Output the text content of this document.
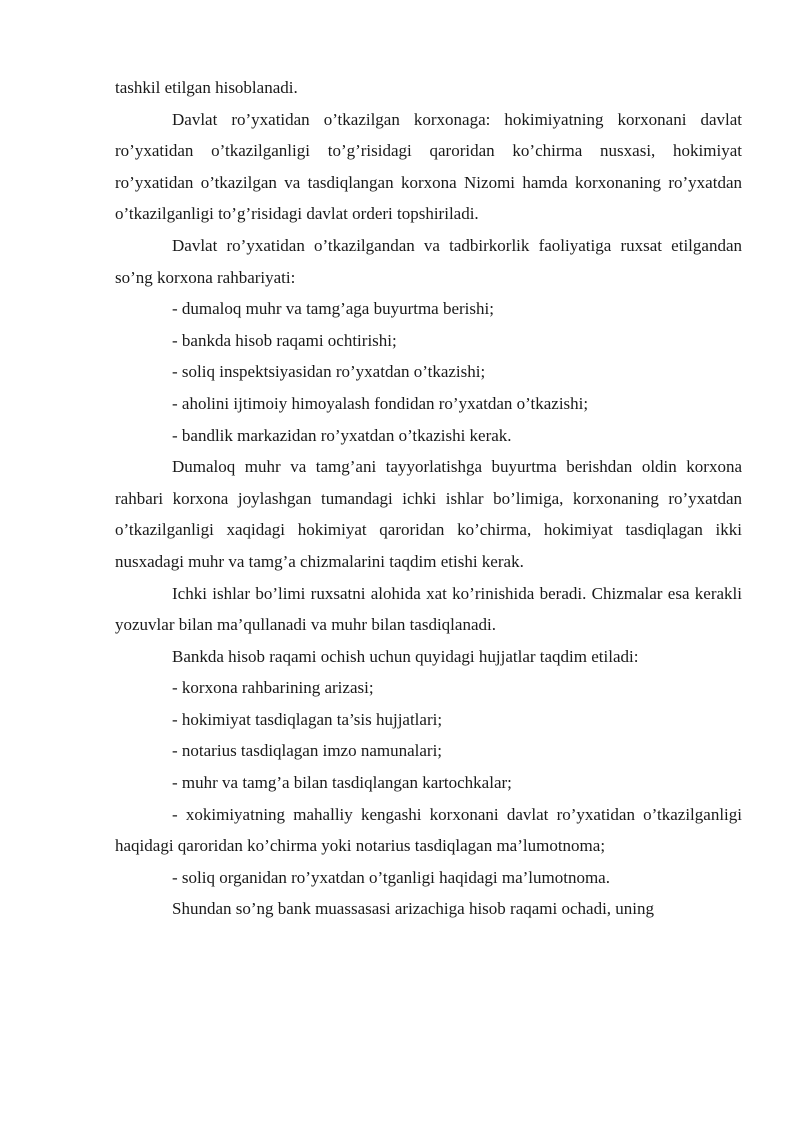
tashkil etilgan hisoblanadi.

Davlat ro’yxatidan o’tkazilgan korxonaga: hokimiyatning korxonani davlat ro’yxatidan o’tkazilganligi to’g’risidagi qaroridan ko’chirma nusxasi, hokimiyat ro’yxatidan o’tkazilgan va tasdiqlangan korxona Nizomi hamda korxonaning ro’yxatdan o’tkazilganligi to’g’risidagi davlat orderi topshiriladi.

Davlat ro’yxatidan o’tkazilgandan va tadbirkorlik faoliyatiga ruxsat etilgandan so’ng korxona rahbariyati:

- dumaloq muhr va tamg’aga buyurtma berishi;

- bankda hisob raqami ochtirishi;

- soliq inspektsiyasidan ro’yxatdan o’tkazishi;

- aholini ijtimoiy himoyalash fondidan ro’yxatdan o’tkazishi;

- bandlik markazidan ro’yxatdan o’tkazishi kerak.

Dumaloq muhr va tamg’ani tayyorlatishga buyurtma berishdan oldin korxona rahbari korxona joylashgan tumandagi ichki ishlar bo’limiga, korxonaning ro’yxatdan o’tkazilganligi xaqidagi hokimiyat qaroridan ko’chirma, hokimiyat tasdiqlagan ikki nusxadagi muhr va tamg’a chizmalarini taqdim etishi kerak.

Ichki ishlar bo’limi ruxsatni alohida xat ko’rinishida beradi. Chizmalar esa kerakli yozuvlar bilan ma’qullanadi va muhr bilan tasdiqlanadi.

Bankda hisob raqami ochish uchun quyidagi hujjatlar taqdim etiladi:

- korxona rahbarining arizasi;

- hokimiyat tasdiqlagan ta’sis hujjatlari;

- notarius tasdiqlagan imzo namunalari;

- muhr va tamg’a bilan tasdiqlangan kartochkalar;

- xokimiyatning mahalliy kengashi korxonani davlat ro’yxatidan o’tkazilganligi haqidagi qaroridan ko’chirma yoki notarius tasdiqlagan ma’lumotnoma;

- soliq organidan ro’yxatdan o’tganligi haqidagi ma’lumotnoma.

Shundan so’ng bank muassasasi arizachiga hisob raqami ochadi, uning
